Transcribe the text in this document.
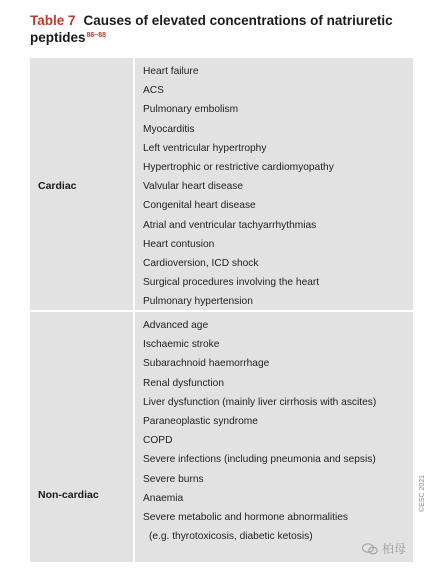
Table 7 Causes of elevated concentrations of natriuretic peptides$^{86-88}$
Cardiac
Heart failure
ACS
Pulmonary embolism
Myocarditis
Left ventricular hypertrophy
Hypertrophic or restrictive cardiomyopathy
Valvular heart disease
Congenital heart disease
Atrial and ventricular tachyarrhythmias
Heart contusion
Cardioversion, ICD shock
Surgical procedures involving the heart
Pulmonary hypertension
Non-cardiac
Advanced age
Ischaemic stroke
Subarachnoid haemorrhage
Renal dysfunction
Liver dysfunction (mainly liver cirrhosis with ascites)
Paraneoplastic syndrome
COPD
Severe infections (including pneumonia and sepsis)
Severe burns
Anaemia
Severe metabolic and hormone abnormalities
(e.g. thyrotoxicosis, diabetic ketosis)
©ESC 2021
柏母
